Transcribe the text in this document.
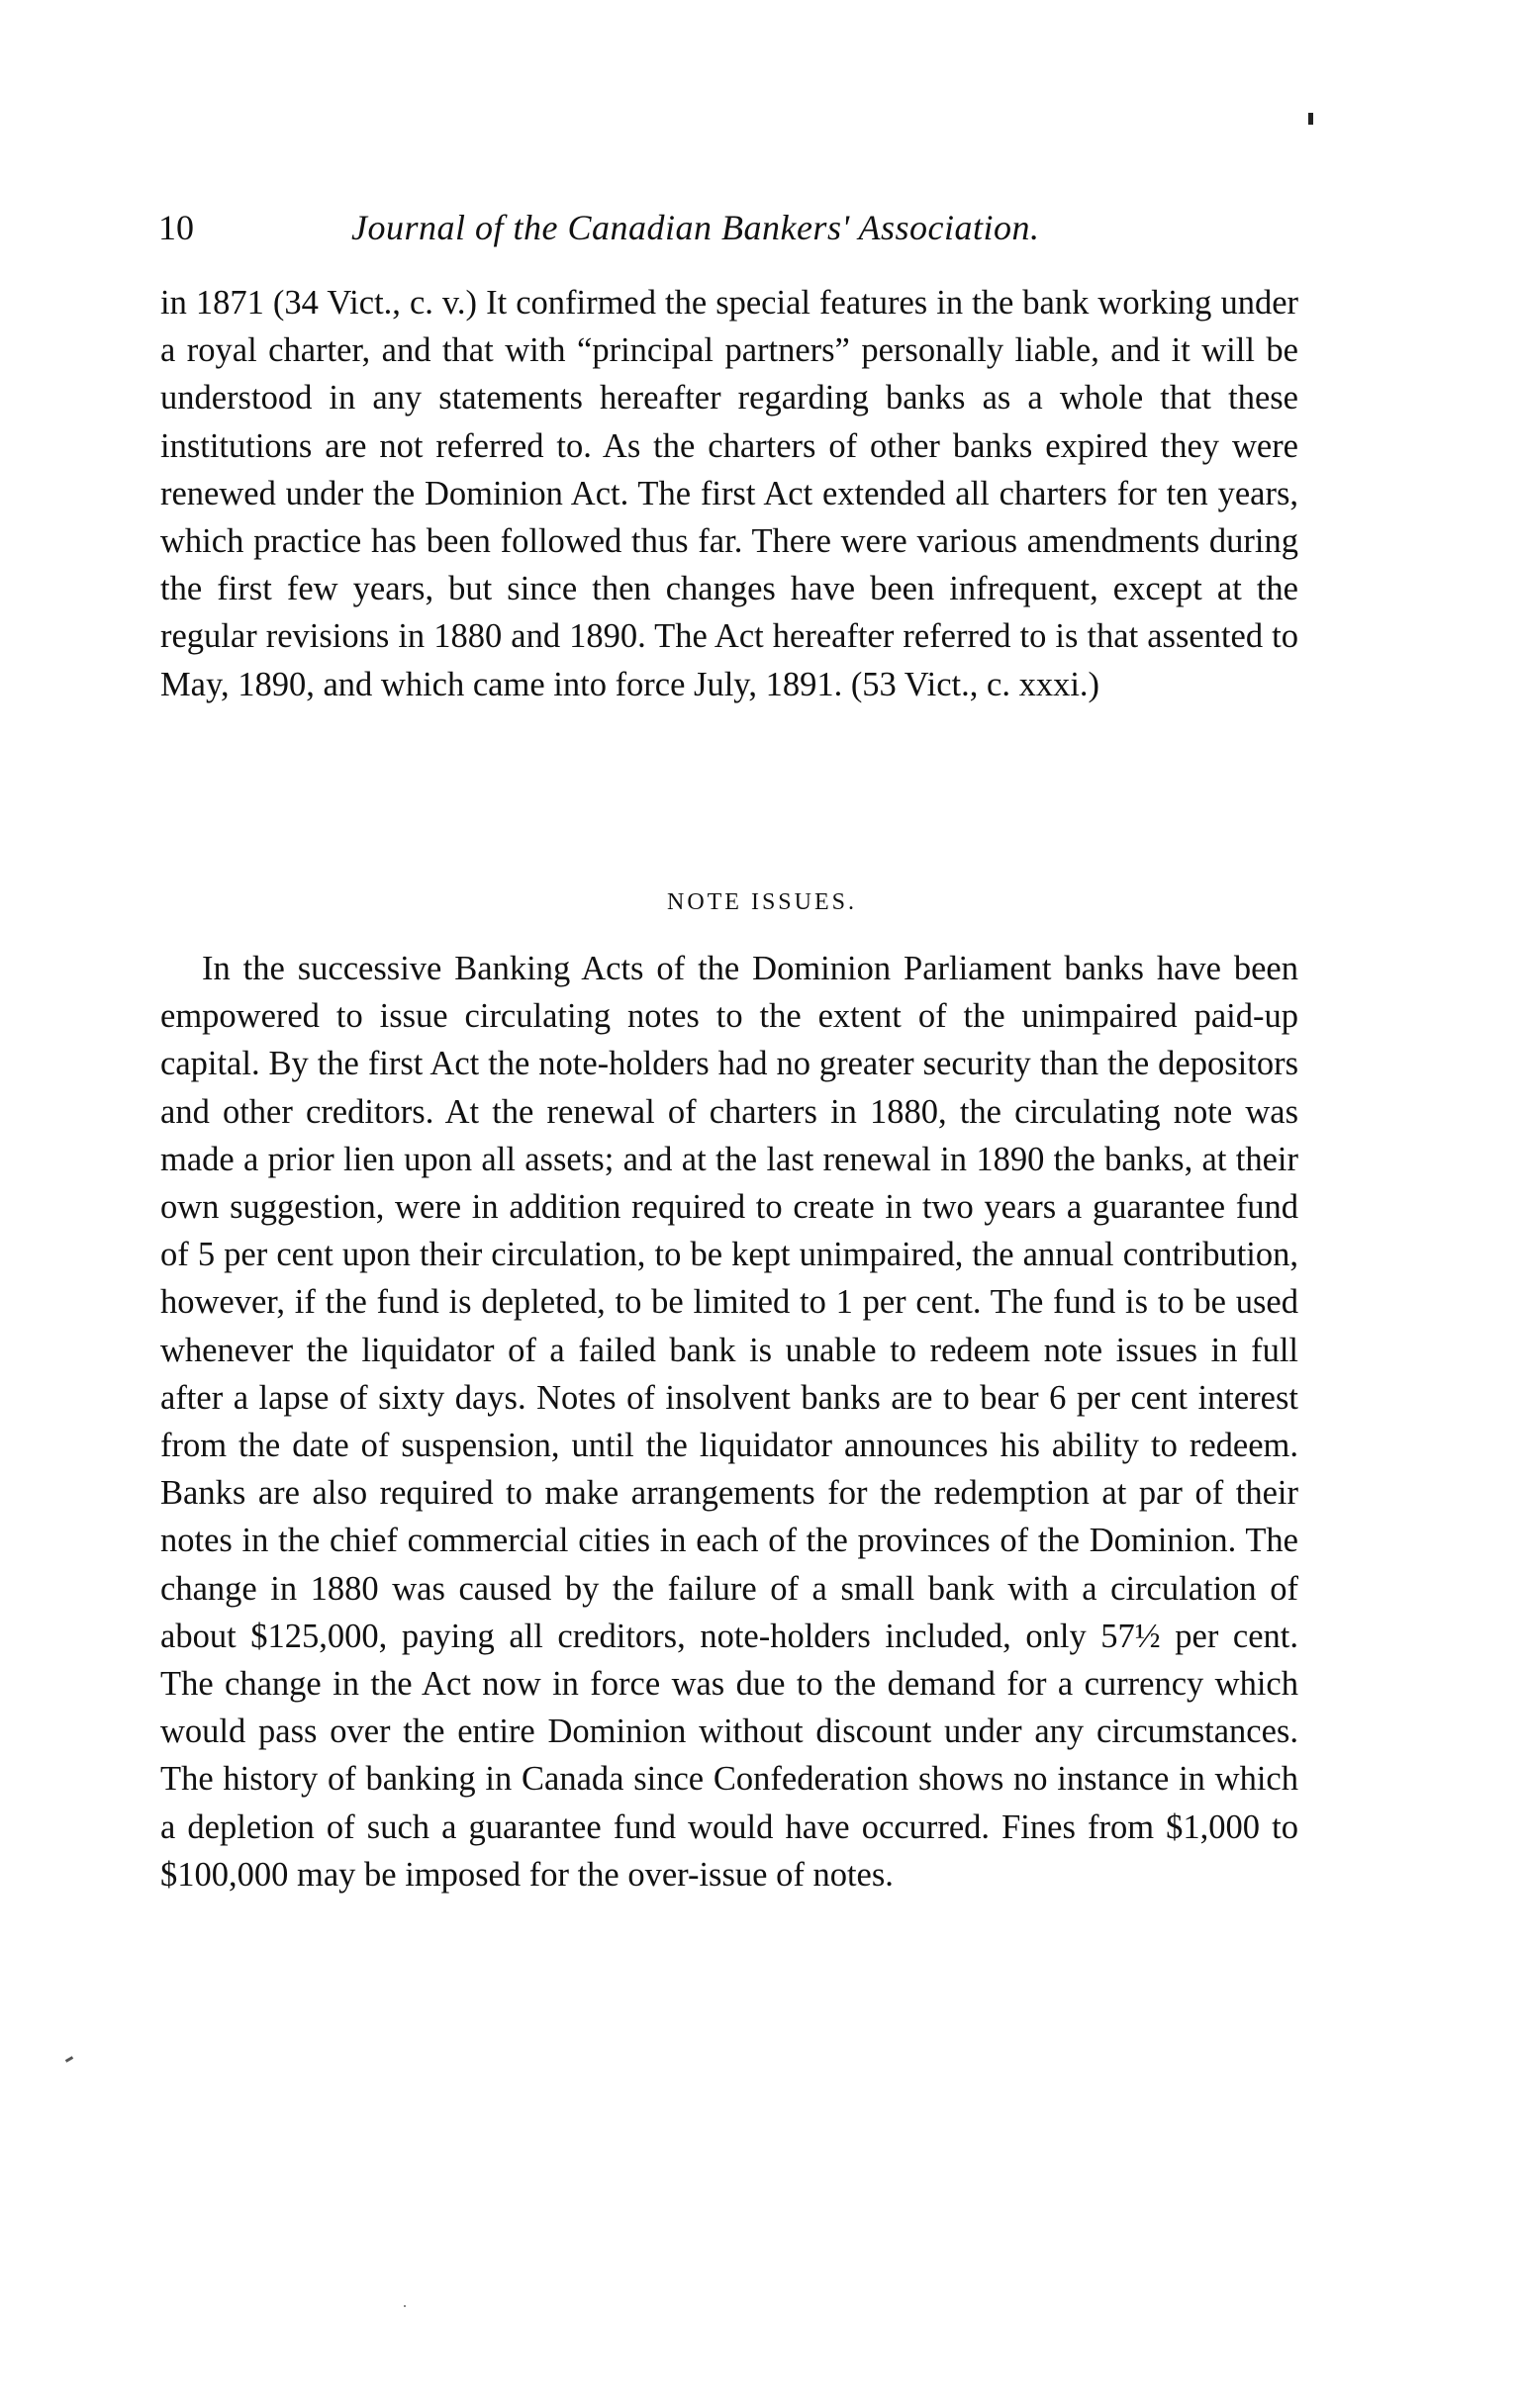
10	Journal of the Canadian Bankers' Association.

in 1871 (34 Vict., c. v.) It confirmed the special features in the bank working under a royal charter, and that with “principal partners” personally liable, and it will be understood in any statements hereafter regarding banks as a whole that these institutions are not referred to. As the charters of other banks expired they were renewed under the Dominion Act. The first Act extended all charters for ten years, which practice has been followed thus far. There were various amendments during the first few years, but since then changes have been infrequent, except at the regular revisions in 1880 and 1890. The Act hereafter referred to is that assented to May, 1890, and which came into force July, 1891. (53 Vict., c. xxxi.)

NOTE ISSUES.

In the successive Banking Acts of the Dominion Parliament banks have been empowered to issue circulating notes to the extent of the unimpaired paid-up capital. By the first Act the note-holders had no greater security than the depositors and other creditors. At the renewal of charters in 1880, the circulating note was made a prior lien upon all assets; and at the last renewal in 1890 the banks, at their own suggestion, were in addition required to create in two years a guarantee fund of 5 per cent upon their circulation, to be kept unimpaired, the annual contribution, however, if the fund is depleted, to be limited to 1 per cent. The fund is to be used whenever the liquidator of a failed bank is unable to redeem note issues in full after a lapse of sixty days. Notes of insolvent banks are to bear 6 per cent interest from the date of suspension, until the liquidator announces his ability to redeem. Banks are also required to make arrangements for the redemption at par of their notes in the chief commercial cities in each of the provinces of the Dominion. The change in 1880 was caused by the failure of a small bank with a circulation of about $125,000, paying all creditors, note-holders included, only 57½ per cent. The change in the Act now in force was due to the demand for a currency which would pass over the entire Dominion without discount under any circumstances. The history of banking in Canada since Confederation shows no instance in which a depletion of such a guarantee fund would have occurred. Fines from $1,000 to $100,000 may be imposed for the over-issue of notes.
